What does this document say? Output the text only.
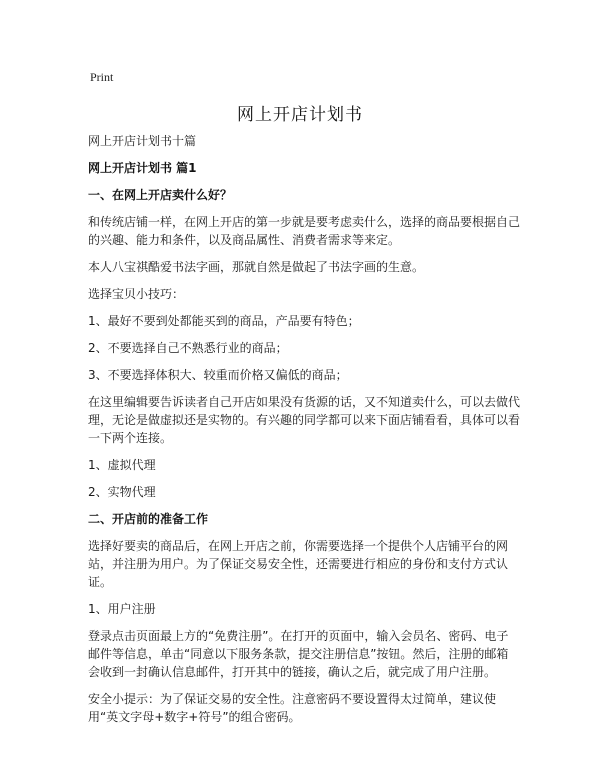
Print
网上开店计划书
网上开店计划书十篇
网上开店计划书 篇1
一、在网上开店卖什么好？
和传统店铺一样，在网上开店的第一步就是要考虑卖什么，选择的商品要根据自己的兴趣、能力和条件，以及商品属性、消费者需求等来定。
本人八宝祺酷爱书法字画，那就自然是做起了书法字画的生意。
选择宝贝小技巧：
1、最好不要到处都能买到的商品，产品要有特色；
2、不要选择自己不熟悉行业的商品；
3、不要选择体积大、较重而价格又偏低的商品；
在这里编辑要告诉读者自己开店如果没有货源的话，又不知道卖什么，可以去做代理，无论是做虚拟还是实物的。有兴趣的同学都可以来下面店铺看看，具体可以看一下两个连接。
1、虚拟代理
2、实物代理
二、开店前的准备工作
选择好要卖的商品后，在网上开店之前，你需要选择一个提供个人店铺平台的网站，并注册为用户。为了保证交易安全性，还需要进行相应的身份和支付方式认证。
1、用户注册
登录点击页面最上方的“免费注册”。在打开的页面中，输入会员名、密码、电子邮件等信息，单击“同意以下服务条款，提交注册信息”按钮。然后，注册的邮箱会收到一封确认信息邮件，打开其中的链接，确认之后，就完成了用户注册。
安全小提示：为了保证交易的安全性。注意密码不要设置得太过简单，建议使用“英文字母+数字+符号”的组合密码。
